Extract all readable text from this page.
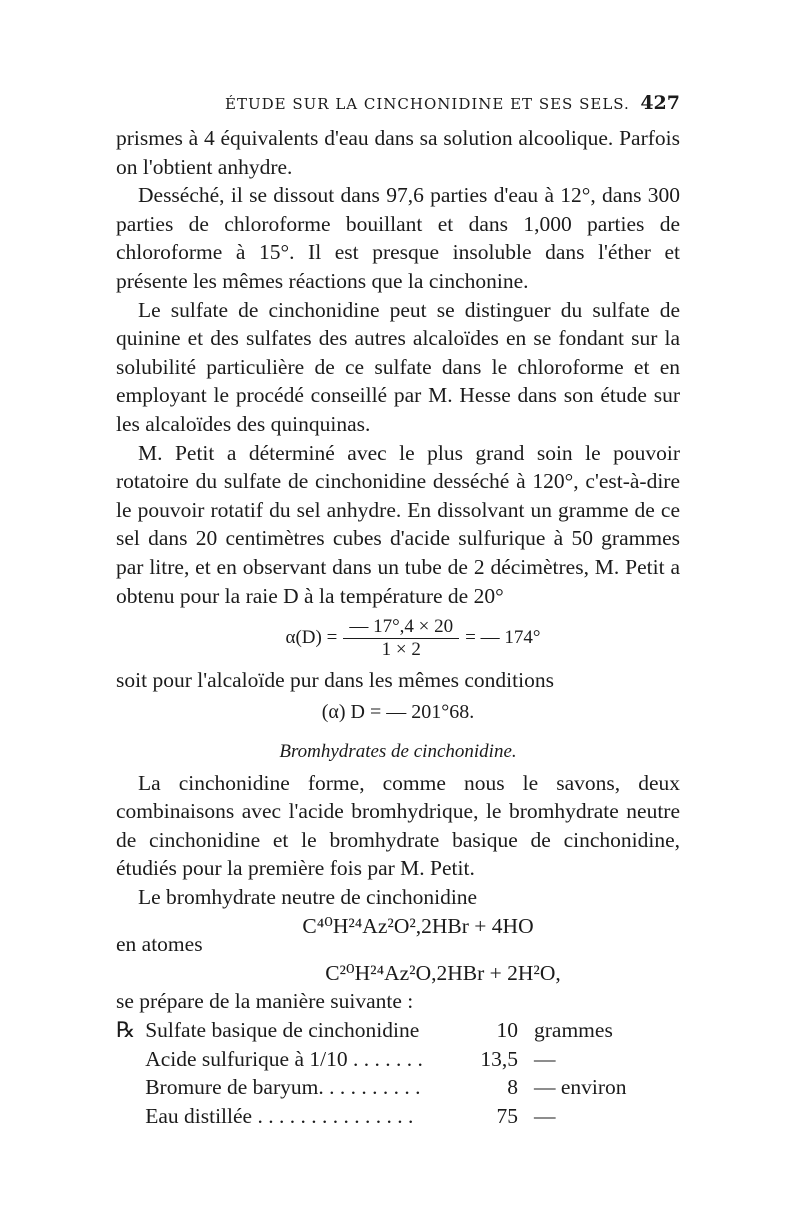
ÉTUDE SUR LA CINCHONIDINE ET SES SELS. 427

prismes à 4 équivalents d'eau dans sa solution alcoolique. Parfois on l'obtient anhydre.

Desséché, il se dissout dans 97,6 parties d'eau à 12°, dans 300 parties de chloroforme bouillant et dans 1,000 parties de chloroforme à 15°. Il est presque insoluble dans l'éther et présente les mêmes réactions que la cinchonine.

Le sulfate de cinchonidine peut se distinguer du sulfate de quinine et des sulfates des autres alcaloïdes en se fondant sur la solubilité particulière de ce sulfate dans le chloroforme et en employant le procédé conseillé par M. Hesse dans son étude sur les alcaloïdes des quinquinas.

M. Petit a déterminé avec le plus grand soin le pouvoir rotatoire du sulfate de cinchonidine desséché à 120°, c'est-à-dire le pouvoir rotatif du sel anhydre. En dissolvant un gramme de ce sel dans 20 centimètres cubes d'acide sulfurique à 50 grammes par litre, et en observant dans un tube de 2 décimètres, M. Petit a obtenu pour la raie D à la température de 20°

$\alpha(D) = \frac{— 17^\circ,4 \times 20}{1 \times 2}$ = — 174°

soit pour l'alcaloïde pur dans les mêmes conditions

(α) D = — 201°68.
Bromhydrates de cinchonidine.

La cinchonidine forme, comme nous le savons, deux combinaisons avec l'acide bromhydrique, le bromhydrate neutre de cinchonidine et le bromhydrate basique de cinchonidine, étudiés pour la première fois par M. Petit.

Le bromhydrate neutre de cinchonidine

C⁴⁰H²⁴Az²O²,2HBr + 4HO
en atomes
C²⁰H²⁴Az²O,2HBr + 2H²O,

se prépare de la manière suivante :

℞ Sulfate basique de cinchonidine	10 grammes
Acide sulfurique à 1/10 . . . . . . .	13,5 —
Bromure de baryum. . . . . . . . . .	8 — environ
Eau distillée . . . . . . . . . . . . . . .	75 —
